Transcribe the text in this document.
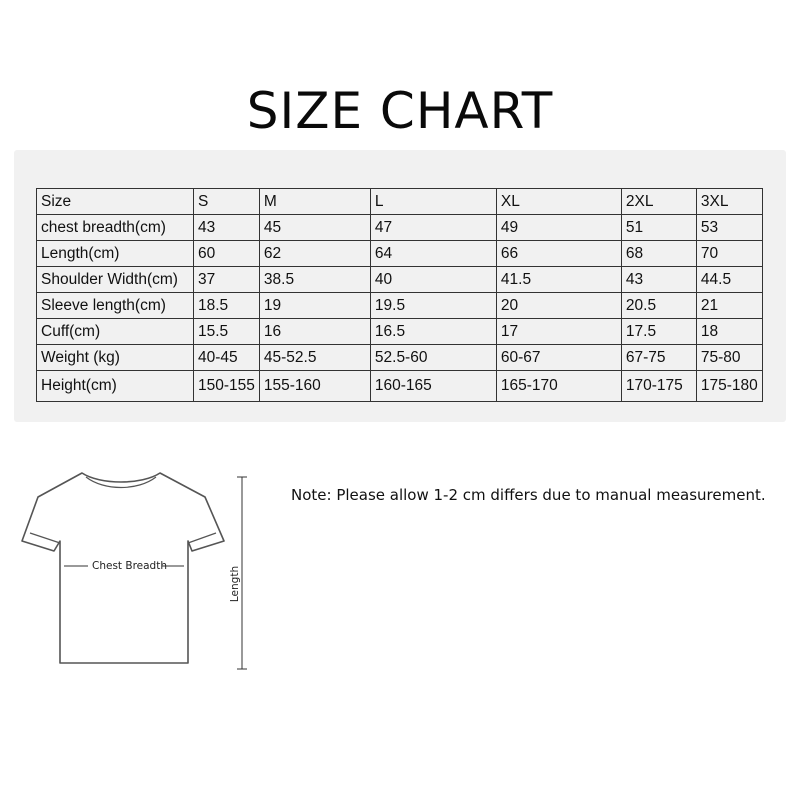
SIZE CHART
Size	S	M	L	XL	2XL	3XL
chest breadth(cm)	43	45	47	49	51	53
Length(cm)	60	62	64	66	68	70
Shoulder Width(cm)	37	38.5	40	41.5	43	44.5
Sleeve length(cm)	18.5	19	19.5	20	20.5	21
Cuff(cm)	15.5	16	16.5	17	17.5	18
Weight (kg)	40-45	45-52.5	52.5-60	60-67	67-75	75-80
Height(cm)	150-155	155-160	160-165	165-170	170-175	175-180
Chest Breadth	Length
Note: Please allow 1-2 cm differs due to manual measurement.
